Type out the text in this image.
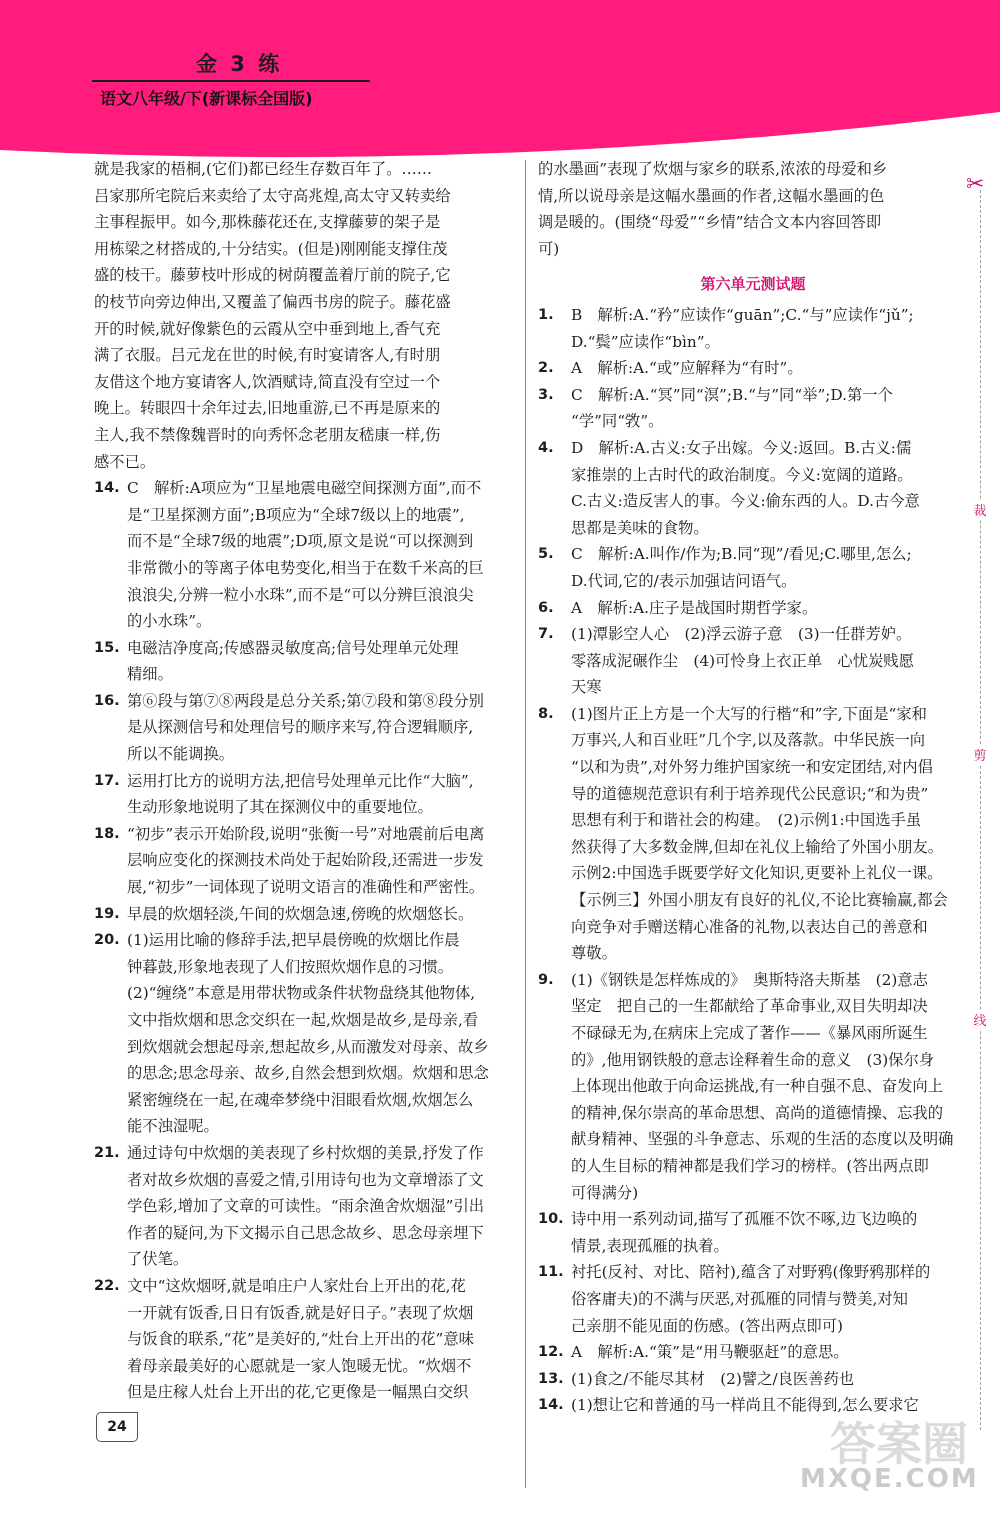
金 3 练
语文八年级/下(新课标全国版)
就是我家的梧桐,(它们)都已经生存数百年了。……
吕家那所宅院后来卖给了太守高兆煌,高太守又转卖给
主事程振甲。如今,那株藤花还在,支撑藤萝的架子是
用栋梁之材搭成的,十分结实。(但是)刚刚能支撑住茂
盛的枝干。藤萝枝叶形成的树荫覆盖着厅前的院子,它
的枝节向旁边伸出,又覆盖了偏西书房的院子。藤花盛
开的时候,就好像紫色的云霞从空中垂到地上,香气充
满了衣服。吕元龙在世的时候,有时宴请客人,有时朋
友借这个地方宴请客人,饮酒赋诗,简直没有空过一个
晚上。转眼四十余年过去,旧地重游,已不再是原来的
主人,我不禁像魏晋时的向秀怀念老朋友嵇康一样,伤
感不已。
14. C　解析:A项应为“卫星地震电磁空间探测方面”,而不
是“卫星探测方面”;B项应为“全球7级以上的地震”,
而不是“全球7级的地震”;D项,原文是说“可以探测到
非常微小的等离子体电势变化,相当于在数千米高的巨
浪浪尖,分辨一粒小水珠”,而不是“可以分辨巨浪浪尖
的小水珠”。
15. 电磁洁净度高;传感器灵敏度高;信号处理单元处理
精细。
16. 第⑥段与第⑦⑧两段是总分关系;第⑦段和第⑧段分别
是从探测信号和处理信号的顺序来写,符合逻辑顺序,
所以不能调换。
17. 运用打比方的说明方法,把信号处理单元比作“大脑”,
生动形象地说明了其在探测仪中的重要地位。
18. “初步”表示开始阶段,说明“张衡一号”对地震前后电离
层响应变化的探测技术尚处于起始阶段,还需进一步发
展,“初步”一词体现了说明文语言的准确性和严密性。
19. 早晨的炊烟轻淡,午间的炊烟急速,傍晚的炊烟悠长。
20. (1)运用比喻的修辞手法,把早晨傍晚的炊烟比作晨
钟暮鼓,形象地表现了人们按照炊烟作息的习惯。
(2)“缠绕”本意是用带状物或条件状物盘绕其他物体,
文中指炊烟和思念交织在一起,炊烟是故乡,是母亲,看
到炊烟就会想起母亲,想起故乡,从而激发对母亲、故乡
的思念;思念母亲、故乡,自然会想到炊烟。炊烟和思念
紧密缠绕在一起,在魂牵梦绕中泪眼看炊烟,炊烟怎么
能不浊湿呢。
21. 通过诗句中炊烟的美表现了乡村炊烟的美景,抒发了作
者对故乡炊烟的喜爱之情,引用诗句也为文章增添了文
学色彩,增加了文章的可读性。“雨余渔舍炊烟湿”引出
作者的疑问,为下文揭示自己思念故乡、思念母亲埋下
了伏笔。
22. 文中“这炊烟呀,就是咱庄户人家灶台上开出的花,花
一开就有饭香,日日有饭香,就是好日子。”表现了炊烟
与饭食的联系,“花”是美好的,“灶台上开出的花”意味
着母亲最美好的心愿就是一家人饱暖无忧。“炊烟不
但是庄稼人灶台上开出的花,它更像是一幅黑白交织
的水墨画”表现了炊烟与家乡的联系,浓浓的母爱和乡
情,所以说母亲是这幅水墨画的作者,这幅水墨画的色
调是暖的。(围绕“母爱”“乡情”结合文本内容回答即
可)
第六单元测试题
1. B　解析:A.“矜”应读作“guān”;C.“与”应读作“jǔ”;
D.“鬓”应读作“bìn”。
2. A　解析:A.“或”应解释为“有时”。
3. C　解析:A.“冥”同“溟”;B.“与”同“举”;D.第一个
“学”同“敩”。
4. D　解析:A.古义:女子出嫁。今义:返回。B.古义:儒
家推崇的上古时代的政治制度。今义:宽阔的道路。
C.古义:造反害人的事。今义:偷东西的人。D.古今意
思都是美味的食物。
5. C　解析:A.叫作/作为;B.同“现”/看见;C.哪里,怎么;
D.代词,它的/表示加强诘问语气。
6. A　解析:A.庄子是战国时期哲学家。
7. (1)潭影空人心　(2)浮云游子意　(3)一任群芳妒。
零落成泥碾作尘　(4)可怜身上衣正单　心忧炭贱愿
天寒
8. (1)图片正上方是一个大写的行楷“和”字,下面是“家和
万事兴,人和百业旺”几个字,以及落款。中华民族一向
“以和为贵”,对外努力维护国家统一和安定团结,对内倡
导的道德规范意识有利于培养现代公民意识;“和为贵”
思想有利于和谐社会的构建。　(2)示例1:中国选手虽
然获得了大多数金牌,但却在礼仪上输给了外国小朋友。
示例2:中国选手既要学好文化知识,更要补上礼仪一课。
【示例三】外国小朋友有良好的礼仪,不论比赛输赢,都会
向竞争对手赠送精心准备的礼物,以表达自己的善意和
尊敬。
9. (1)《钢铁是怎样炼成的》　奥斯特洛夫斯基　(2)意志
坚定　把自己的一生都献给了革命事业,双目失明却决
不碌碌无为,在病床上完成了著作——《暴风雨所诞生
的》,他用钢铁般的意志诠释着生命的意义　(3)保尔身
上体现出他敢于向命运挑战,有一种自强不息、奋发向上
的精神,保尔崇高的革命思想、高尚的道德情操、忘我的
献身精神、坚强的斗争意志、乐观的生活的态度以及明确
的人生目标的精神都是我们学习的榜样。(答出两点即
可得满分)
10. 诗中用一系列动词,描写了孤雁不饮不啄,边飞边唤的
情景,表现孤雁的执着。
11. 衬托(反衬、对比、陪衬),蕴含了对野鸦(像野鸦那样的
俗客庸夫)的不满与厌恶,对孤雁的同情与赞美,对知
己亲朋不能见面的伤感。(答出两点即可)
12. A　解析:A.“策”是“用马鞭驱赶”的意思。
13. (1)食之/不能尽其材　(2)譬之/良医善药也
14. (1)想让它和普通的马一样尚且不能得到,怎么要求它
✂
裁
剪
线
24	答案圈
MXQE.COM
